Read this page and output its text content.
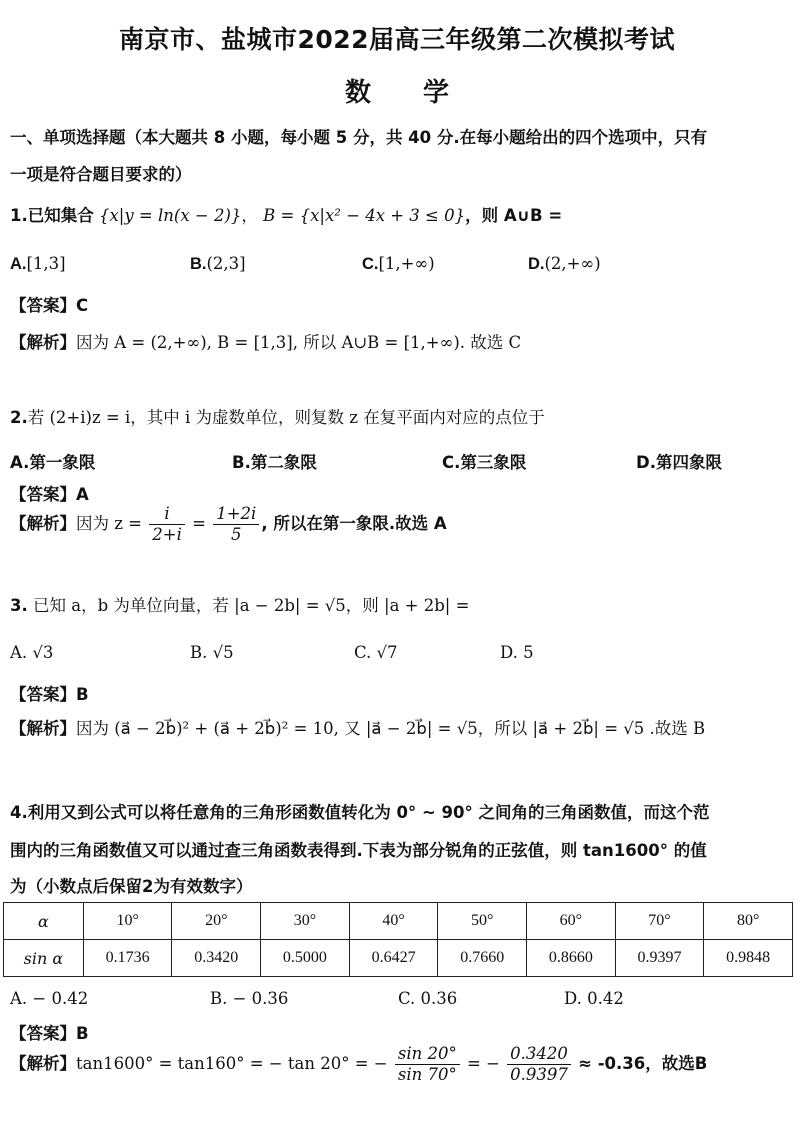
南京市、盐城市2022届高三年级第二次模拟考试
数　　学
一、单项选择题（本大题共 8 小题，每小题 5 分，共 40 分.在每小题给出的四个选项中，只有
一项是符合题目要求的）
1.已知集合 {x|y = ln(x − 2)}， B = {x|x² − 4x + 3 ≤ 0}，则 A∪B =
A.[1,3]	B.(2,3]	C.[1,+∞)	D.(2,+∞)
【答案】C
【解析】因为 A = (2,+∞), B = [1,3], 所以 A∪B = [1,+∞). 故选 C
2.若 (2+i)z = i，其中 i 为虚数单位，则复数 z 在复平面内对应的点位于
A.第一象限	B.第二象限	C.第三象限	D.第四象限
【答案】A
【解析】因为 $z = \frac{i}{2+i} = \frac{1+2i}{5}$ , 所以在第一象限.故选 A
3. 已知 a，b 为单位向量，若 |a − 2b| = √5，则 |a + 2b| =
A. √3	B. √5	C. √7	D. 5
【答案】B
【解析】因为 (a⃗ − 2b⃗)² + (a⃗ + 2b⃗)² = 10, 又 |a⃗ − 2b⃗| = √5，所以 |a⃗ + 2b⃗| = √5 .故选 B
4.利用又到公式可以将任意角的三角形函数值转化为 0° ~ 90° 之间角的三角函数值，而这个范
围内的三角函数值又可以通过查三角函数表得到.下表为部分锐角的正弦值，则 tan1600° 的值
为（小数点后保留2为有效数字）
α	10°	20°	30°	40°	50°	60°	70°	80°
sin α	0.1736	0.3420	0.5000	0.6427	0.7660	0.8660	0.9397	0.9848
A. − 0.42	B. − 0.36	C. 0.36	D. 0.42
【答案】B
【解析】tan1600° = tan160° = − tan 20° = − $\frac{\sin 20^\circ}{\sin 70^\circ}$ = − $\frac{0.3420}{0.9397} \approx -0.36$，故选B
